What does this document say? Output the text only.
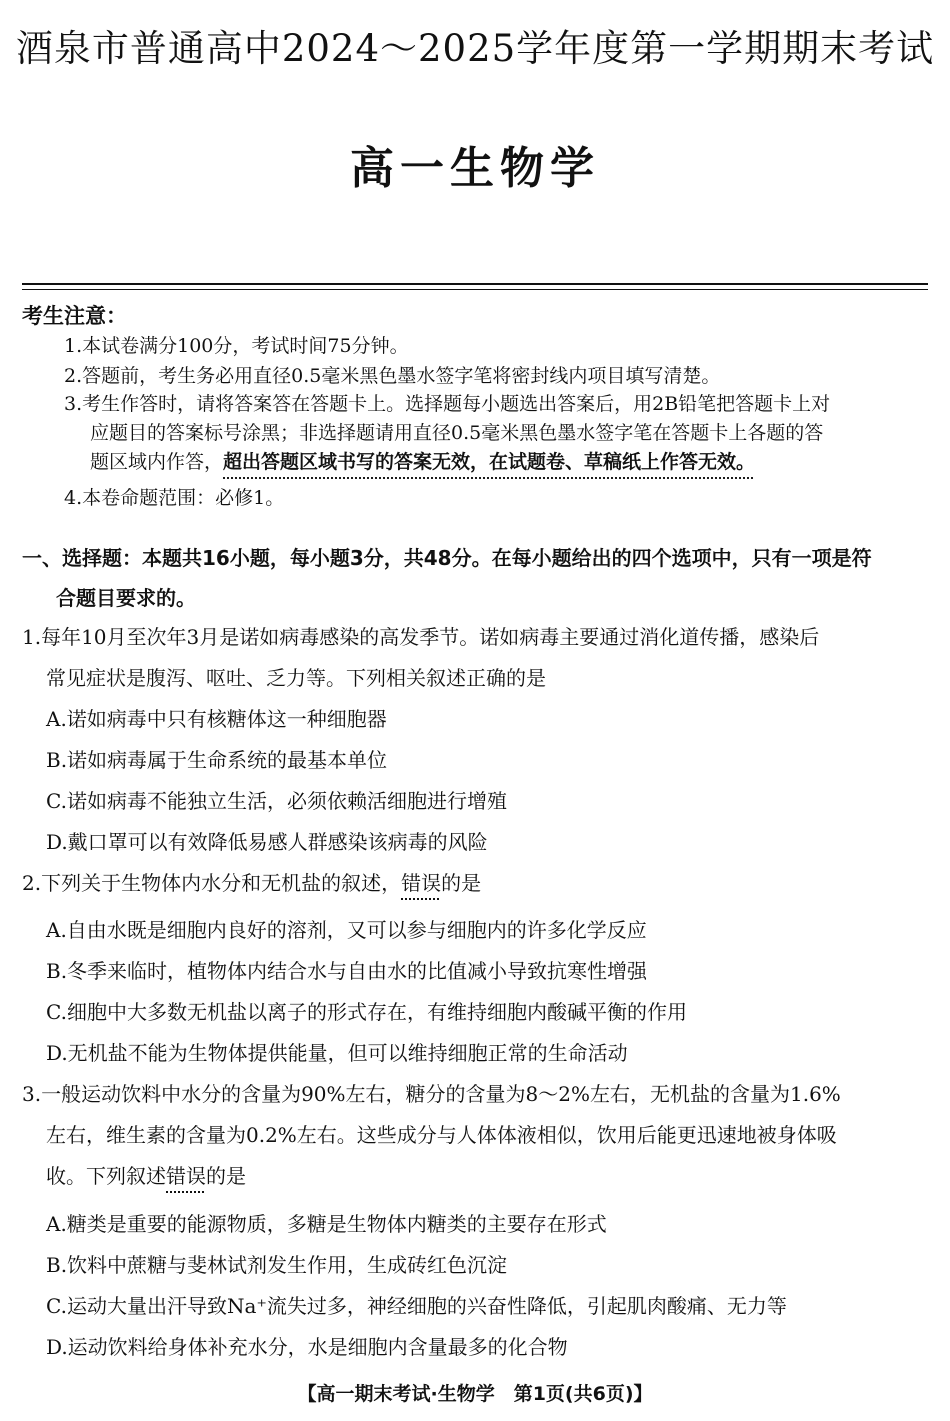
酒泉市普通高中2024～2025学年度第一学期期末考试
高一生物学
考生注意：
1.本试卷满分100分，考试时间75分钟。
2.答题前，考生务必用直径0.5毫米黑色墨水签字笔将密封线内项目填写清楚。
3.考生作答时，请将答案答在答题卡上。选择题每小题选出答案后，用2B铅笔把答题卡上对
应题目的答案标号涂黑；非选择题请用直径0.5毫米黑色墨水签字笔在答题卡上各题的答
题区域内作答，超出答题区域书写的答案无效，在试题卷、草稿纸上作答无效。
4.本卷命题范围：必修1。
一、选择题：本题共16小题，每小题3分，共48分。在每小题给出的四个选项中，只有一项是符
合题目要求的。
1.每年10月至次年3月是诺如病毒感染的高发季节。诺如病毒主要通过消化道传播，感染后
常见症状是腹泻、呕吐、乏力等。下列相关叙述正确的是
A.诺如病毒中只有核糖体这一种细胞器
B.诺如病毒属于生命系统的最基本单位
C.诺如病毒不能独立生活，必须依赖活细胞进行增殖
D.戴口罩可以有效降低易感人群感染该病毒的风险
2.下列关于生物体内水分和无机盐的叙述，错误的是
A.自由水既是细胞内良好的溶剂，又可以参与细胞内的许多化学反应
B.冬季来临时，植物体内结合水与自由水的比值减小导致抗寒性增强
C.细胞中大多数无机盐以离子的形式存在，有维持细胞内酸碱平衡的作用
D.无机盐不能为生物体提供能量，但可以维持细胞正常的生命活动
3.一般运动饮料中水分的含量为90%左右，糖分的含量为8～2%左右，无机盐的含量为1.6%
左右，维生素的含量为0.2%左右。这些成分与人体体液相似，饮用后能更迅速地被身体吸
收。下列叙述错误的是
A.糖类是重要的能源物质，多糖是生物体内糖类的主要存在形式
B.饮料中蔗糖与斐林试剂发生作用，生成砖红色沉淀
C.运动大量出汗导致Na⁺流失过多，神经细胞的兴奋性降低，引起肌肉酸痛、无力等
D.运动饮料给身体补充水分，水是细胞内含量最多的化合物
【高一期末考试·生物学　第1页(共6页)】
